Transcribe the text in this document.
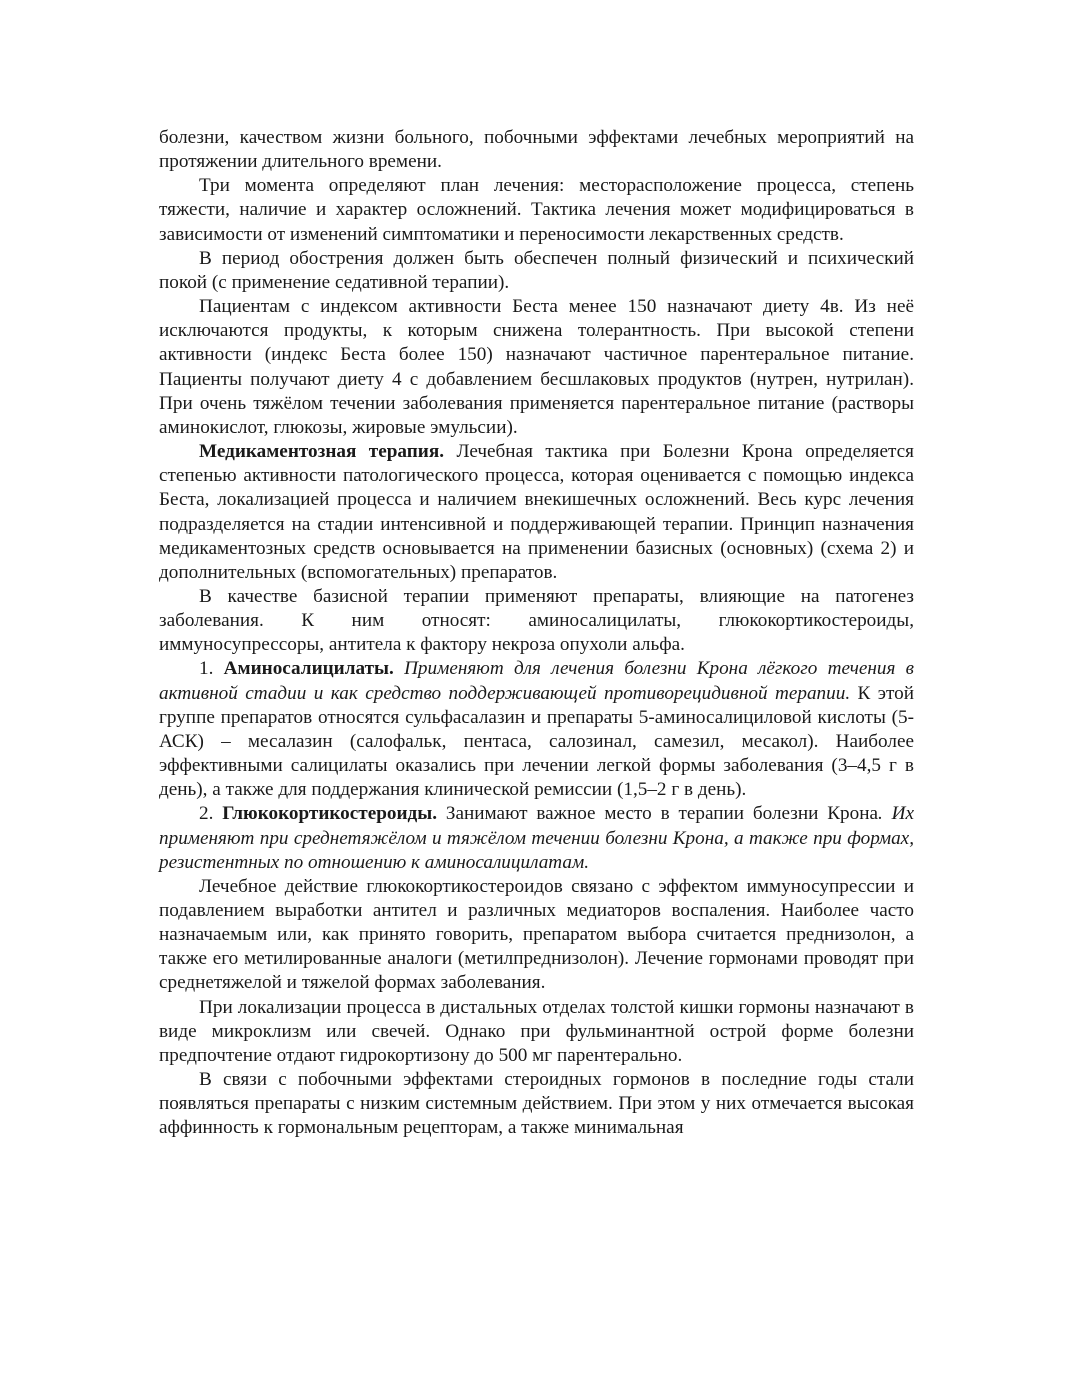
болезни, качеством жизни больного, побочными эффектами лечебных мероприятий на протяжении длительного времени.

Три момента определяют план лечения: месторасположение процесса, степень тяжести, наличие и характер осложнений. Тактика лечения может модифицироваться в зависимости от изменений симптоматики и переносимости лекарственных средств.

В период обострения должен быть обеспечен полный физический и психический покой (с применение седативной терапии).

Пациентам с индексом активности Беста менее 150 назначают диету 4в. Из неё исключаются продукты, к которым снижена толерантность. При высокой степени активности (индекс Беста более 150) назначают частичное парентеральное питание. Пациенты получают диету 4 с добавлением бесшлаковых продуктов (нутрен, нутрилан). При очень тяжёлом течении заболевания применяется парентеральное питание (растворы аминокислот, глюкозы, жировые эмульсии).

Медикаментозная терапия. Лечебная тактика при Болезни Крона определяется степенью активности патологического процесса, которая оценивается с помощью индекса Беста, локализацией процесса и наличием внекишечных осложнений. Весь курс лечения подразделяется на стадии интенсивной и поддерживающей терапии. Принцип назначения медикаментозных средств основывается на применении базисных (основных) (схема 2) и дополнительных (вспомогательных) препаратов.

В качестве базисной терапии применяют препараты, влияющие на патогенез заболевания. К ним относят: аминосалицилаты, глюкокортикостероиды, иммуносупрессоры, антитела к фактору некроза опухоли альфа.

1. Аминосалицилаты. Применяют для лечения болезни Крона лёгкого течения в активной стадии и как средство поддерживающей противорецидивной терапии. К этой группе препаратов относятся сульфасалазин и препараты 5-аминосалициловой кислоты (5-АСК) – месалазин (салофальк, пентаса, салозинал, самезил, месакол). Наиболее эффективными салицилаты оказались при лечении легкой формы заболевания (3–4,5 г в день), а также для поддержания клинической ремиссии (1,5–2 г в день).

2. Глюкокортикостероиды. Занимают важное место в терапии болезни Крона. Их применяют при среднетяжёлом и тяжёлом течении болезни Крона, а также при формах, резистентных по отношению к аминосалицилатам.

Лечебное действие глюкокортикостероидов связано с эффектом иммуносупрессии и подавлением выработки антител и различных медиаторов воспаления. Наиболее часто назначаемым или, как принято говорить, препаратом выбора считается преднизолон, а также его метилированные аналоги (метилпреднизолон). Лечение гормонами проводят при среднетяжелой и тяжелой формах заболевания.

При локализации процесса в дистальных отделах толстой кишки гормоны назначают в виде микроклизм или свечей. Однако при фульминантной острой форме болезни предпочтение отдают гидрокортизону до 500 мг парентерально.

В связи с побочными эффектами стероидных гормонов в последние годы стали появляться препараты с низким системным действием. При этом у них отмечается высокая аффинность к гормональным рецепторам, а также минимальная
